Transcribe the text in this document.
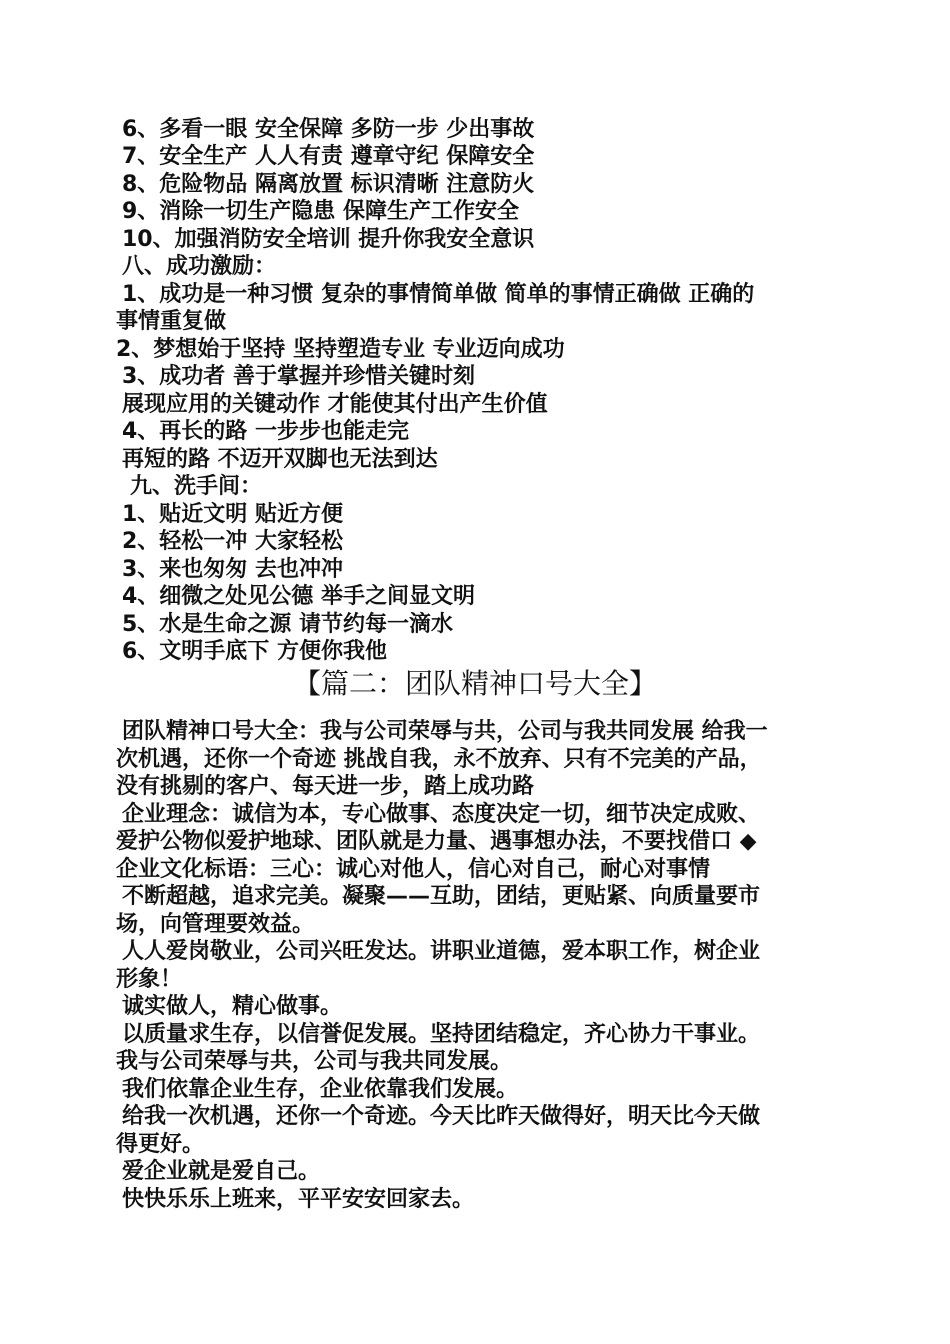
6、多看一眼 安全保障 多防一步 少出事故
7、安全生产 人人有责 遵章守纪 保障安全
8、危险物品 隔离放置 标识清晰 注意防火
9、消除一切生产隐患 保障生产工作安全
10、加强消防安全培训 提升你我安全意识
八、成功激励：
1、成功是一种习惯 复杂的事情简单做 简单的事情正确做 正确的
事情重复做
2、梦想始于坚持 坚持塑造专业 专业迈向成功
3、成功者 善于掌握并珍惜关键时刻
展现应用的关键动作 才能使其付出产生价值
4、再长的路 一步步也能走完
再短的路 不迈开双脚也无法到达
九、洗手间：
1、贴近文明 贴近方便
2、轻松一冲 大家轻松
3、来也匆匆 去也冲冲
4、细微之处见公德 举手之间显文明
5、水是生命之源 请节约每一滴水
6、文明手底下 方便你我他
【篇二：团队精神口号大全】
团队精神口号大全：我与公司荣辱与共，公司与我共同发展 给我一
次机遇，还你一个奇迹 挑战自我，永不放弃、只有不完美的产品，
没有挑剔的客户、每天进一步，踏上成功路
企业理念：诚信为本，专心做事、态度决定一切，细节决定成败、
爱护公物似爱护地球、团队就是力量、遇事想办法，不要找借口 ◆
企业文化标语：三心：诚心对他人，信心对自己，耐心对事情
不断超越，追求完美。凝聚——互助，团结，更贴紧、向质量要市
场，向管理要效益。
人人爱岗敬业，公司兴旺发达。讲职业道德，爱本职工作，树企业
形象！
诚实做人，精心做事。
以质量求生存，以信誉促发展。坚持团结稳定，齐心协力干事业。
我与公司荣辱与共，公司与我共同发展。
我们依靠企业生存，企业依靠我们发展。
给我一次机遇，还你一个奇迹。今天比昨天做得好，明天比今天做
得更好。
爱企业就是爱自己。
快快乐乐上班来，平平安安回家去。
